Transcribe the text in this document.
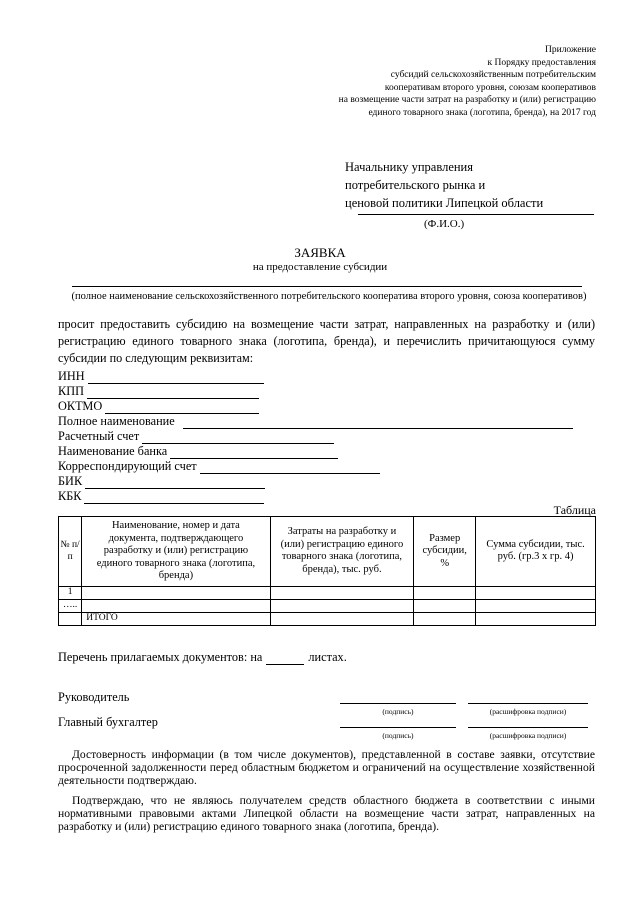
Приложение
к Порядку предоставления
субсидий сельскохозяйственным потребительским
кооперативам второго уровня, союзам кооперативов
на возмещение части затрат на разработку и (или) регистрацию
единого товарного знака (логотипа, бренда), на 2017 год
Начальнику управления
потребительского рынка и
ценовой политики Липецкой области
(Ф.И.О.)
ЗАЯВКА
на предоставление субсидии
(полное наименование сельскохозяйственного потребительского кооператива второго уровня, союза кооперативов)
просит предоставить субсидию на возмещение части затрат, направленных на разработку и (или) регистрацию единого товарного знака (логотипа, бренда), и перечислить причитающуюся сумму субсидии по следующим реквизитам:
ИНН
КПП
ОКТМО
Полное наименование
Расчетный счет
Наименование банка
Корреспондирующий счет
БИК
КБК
Таблица
№ п/п	Наименование, номер и дата документа, подтверждающего разработку и (или) регистрацию единого товарного знака (логотипа, бренда)	Затраты на разработку и (или) регистрацию единого товарного знака (логотипа, бренда), тыс. руб.	Размер субсидии, %	Сумма субсидии, тыс. руб. (гр.3 х гр. 4)
1				
…..				
	ИТОГО			
Перечень прилагаемых документов: на	листах.
Руководитель
(подпись)	(расшифровка подписи)
Главный бухгалтер
(подпись)	(расшифровка подписи)
Достоверность информации (в том числе документов), представленной в составе заявки, отсутствие просроченной задолженности перед областным бюджетом и ограничений на осуществление хозяйственной деятельности подтверждаю.
Подтверждаю, что не являюсь получателем средств областного бюджета в соответствии с иными нормативными правовыми актами Липецкой области на возмещение части затрат, направленных на разработку и (или) регистрацию единого товарного знака (логотипа, бренда).
